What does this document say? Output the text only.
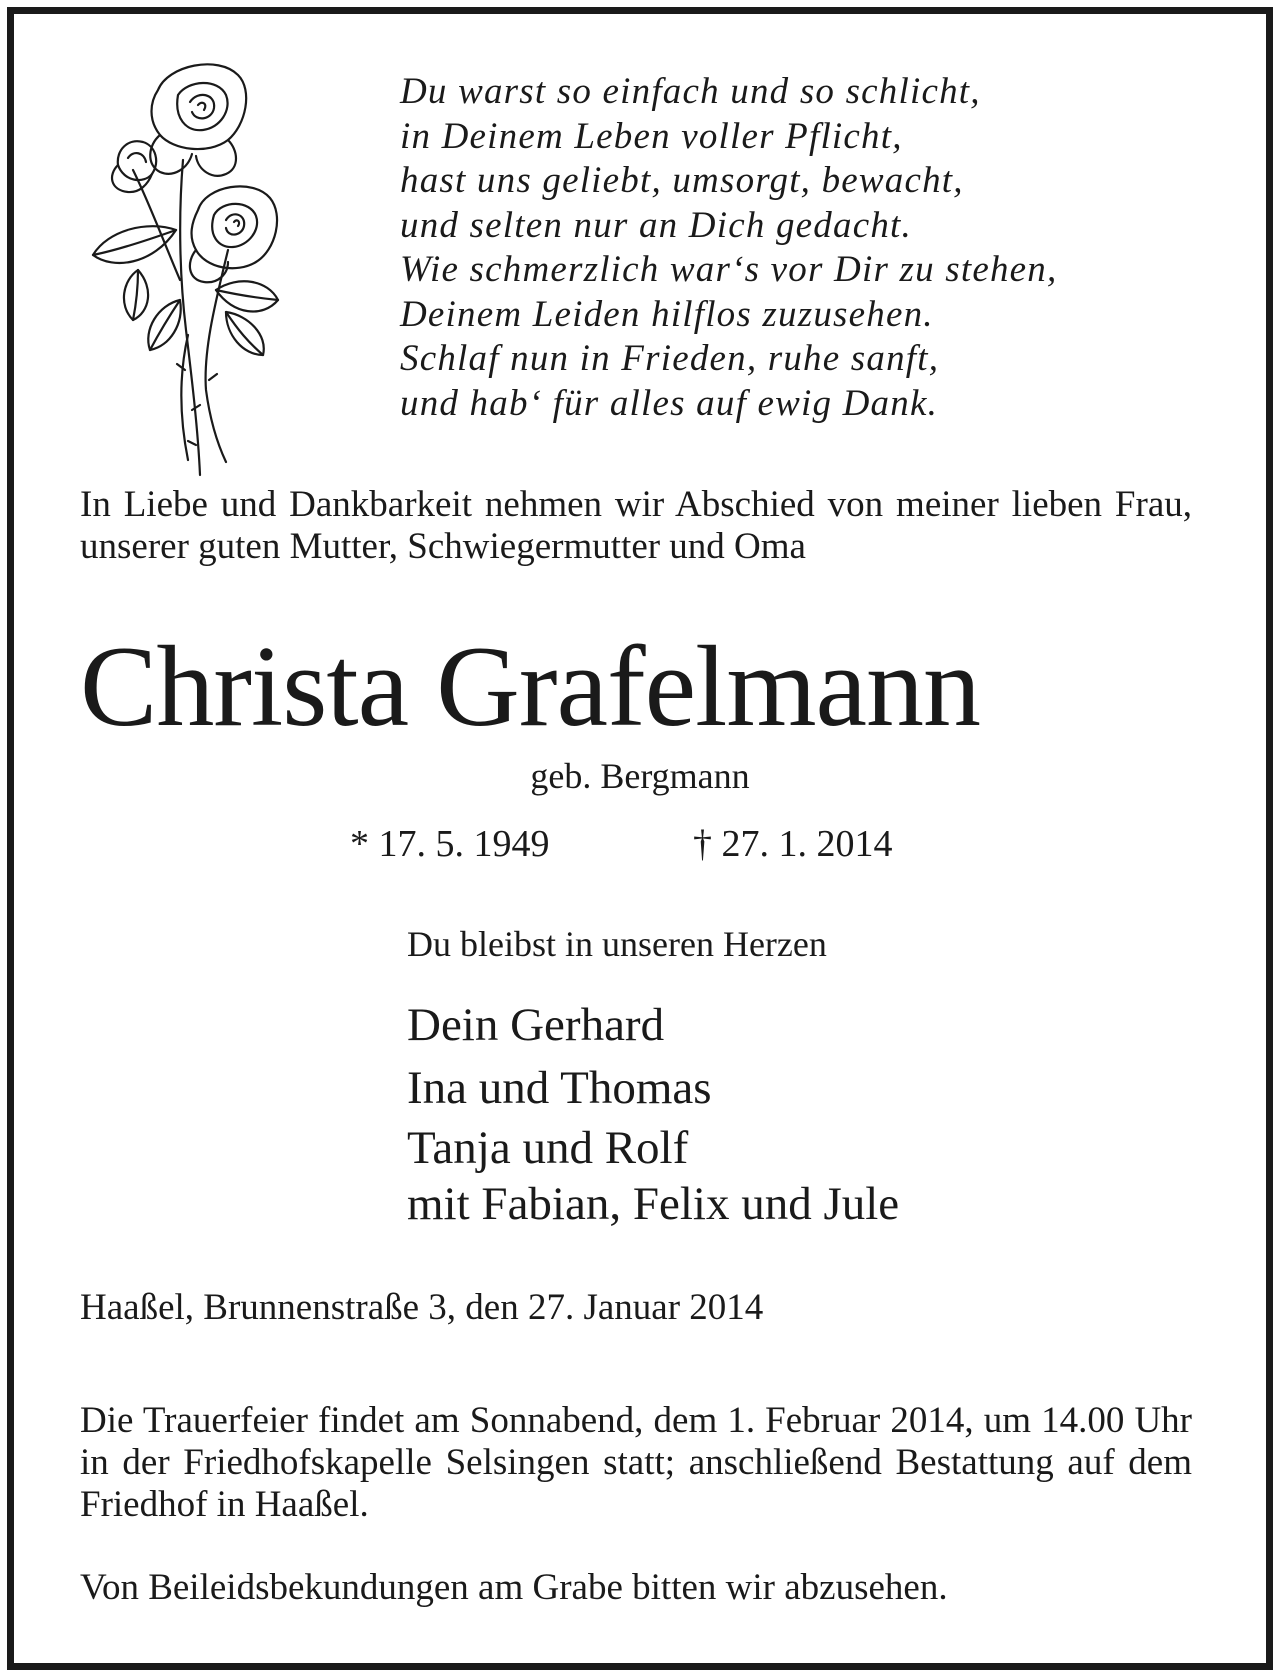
Du warst so einfach und so schlicht,
in Deinem Leben voller Pflicht,
hast uns geliebt, umsorgt, bewacht,
und selten nur an Dich gedacht.
Wie schmerzlich war‘s vor Dir zu stehen,
Deinem Leiden hilflos zuzusehen.
Schlaf nun in Frieden, ruhe sanft,
und hab‘ für alles auf ewig Dank.

In Liebe und Dankbarkeit nehmen wir Abschied von meiner lieben Frau, unserer guten Mutter, Schwiegermutter und Oma

Christa Grafelmann

geb. Bergmann

* 17. 5. 1949	† 27. 1. 2014

Du bleibst in unseren Herzen

Dein Gerhard
Ina und Thomas
Tanja und Rolf
mit Fabian, Felix und Jule

Haaßel, Brunnenstraße 3, den 27. Januar 2014

Die Trauerfeier findet am Sonnabend, dem 1. Februar 2014, um 14.00 Uhr in der Friedhofskapelle Selsingen statt; anschließend Bestattung auf dem Friedhof in Haaßel.

Von Beileidsbekundungen am Grabe bitten wir abzusehen.
